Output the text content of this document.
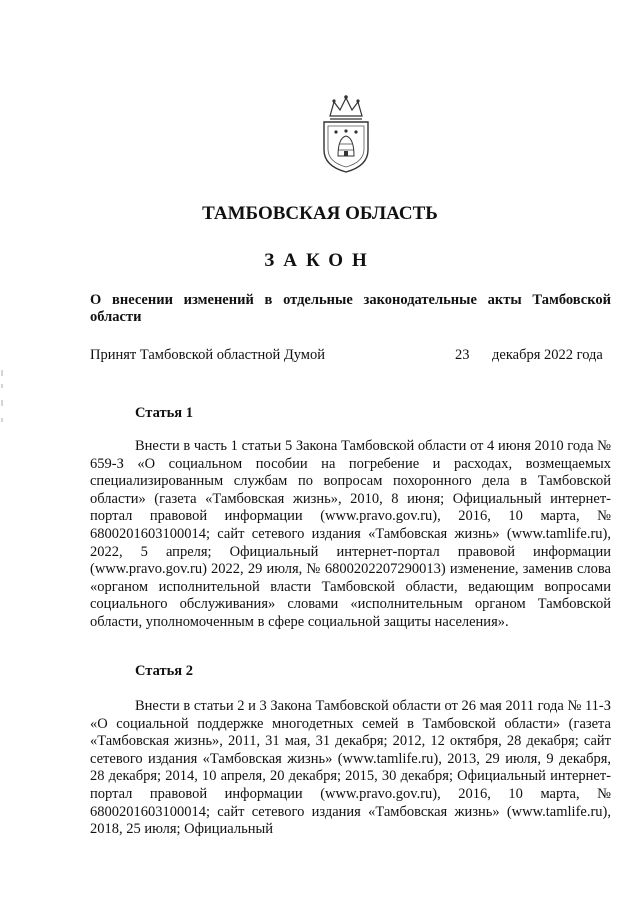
ТАМБОВСКАЯ ОБЛАСТЬ
ЗАКОН
О внесении изменений в отдельные законодательные акты Тамбовской области
Принят Тамбовской областной Думой	23 декабря 2022 года
Статья 1

Внести в часть 1 статьи 5 Закона Тамбовской области от 4 июня 2010 года № 659-З «О социальном пособии на погребение и расходах, возмещаемых специализированным службам по вопросам похоронного дела в Тамбовской области» (газета «Тамбовская жизнь», 2010, 8 июня; Официальный интернет-портал правовой информации (www.pravo.gov.ru), 2016, 10 марта, № 6800201603100014; сайт сетевого издания «Тамбовская жизнь» (www.tamlife.ru), 2022, 5 апреля; Официальный интернет-портал правовой информации (www.pravo.gov.ru) 2022, 29 июля, № 6800202207290013) изменение, заменив слова «органом исполнительной власти Тамбовской области, ведающим вопросами социального обслуживания» словами «исполнительным органом Тамбовской области, уполномоченным в сфере социальной защиты населения».

Статья 2

Внести в статьи 2 и 3 Закона Тамбовской области от 26 мая 2011 года № 11-З «О социальной поддержке многодетных семей в Тамбовской области» (газета «Тамбовская жизнь», 2011, 31 мая, 31 декабря; 2012, 12 октября, 28 декабря; сайт сетевого издания «Тамбовская жизнь» (www.tamlife.ru), 2013, 29 июля, 9 декабря, 28 декабря; 2014, 10 апреля, 20 декабря; 2015, 30 декабря; Официальный интернет-портал правовой информации (www.pravo.gov.ru), 2016, 10 марта, № 6800201603100014; сайт сетевого издания «Тамбовская жизнь» (www.tamlife.ru), 2018, 25 июля; Официальный
